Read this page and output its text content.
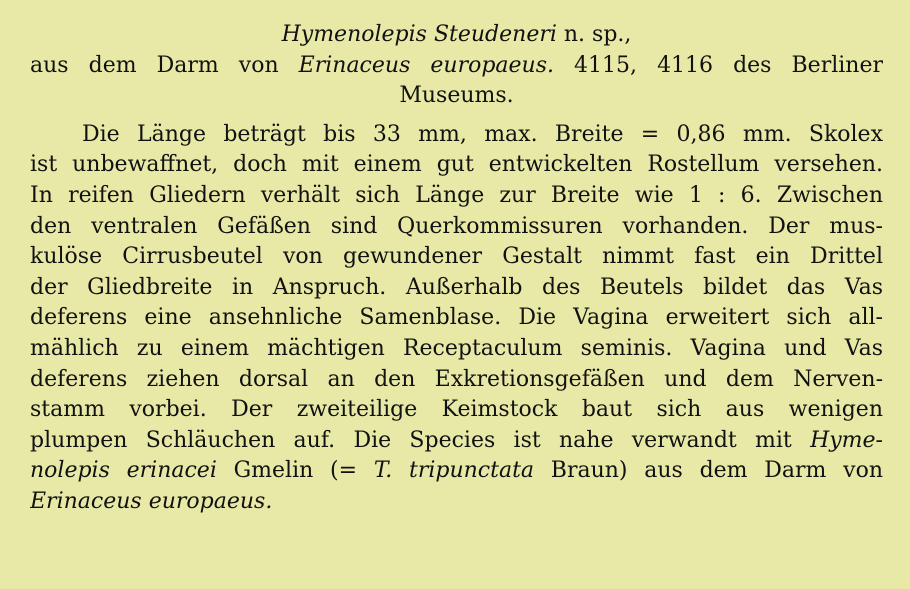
Hymenolepis Steudeneri n. sp.,
aus dem Darm von Erinaceus europaeus. 4115, 4116 des Berliner
Museums.
Die Länge beträgt bis 33 mm, max. Breite = 0,86 mm. Skolex
ist unbewaffnet, doch mit einem gut entwickelten Rostellum versehen.
In reifen Gliedern verhält sich Länge zur Breite wie 1 : 6. Zwischen
den ventralen Gefäßen sind Querkommissuren vorhanden. Der mus-
kulöse Cirrusbeutel von gewundener Gestalt nimmt fast ein Drittel
der Gliedbreite in Anspruch. Außerhalb des Beutels bildet das Vas
deferens eine ansehnliche Samenblase. Die Vagina erweitert sich all-
mählich zu einem mächtigen Receptaculum seminis. Vagina und Vas
deferens ziehen dorsal an den Exkretionsgefäßen und dem Nerven-
stamm vorbei. Der zweiteilige Keimstock baut sich aus wenigen
plumpen Schläuchen auf. Die Species ist nahe verwandt mit Hyme-
nolepis erinacei Gmelin (= T. tripunctata Braun) aus dem Darm von
Erinaceus europaeus.
